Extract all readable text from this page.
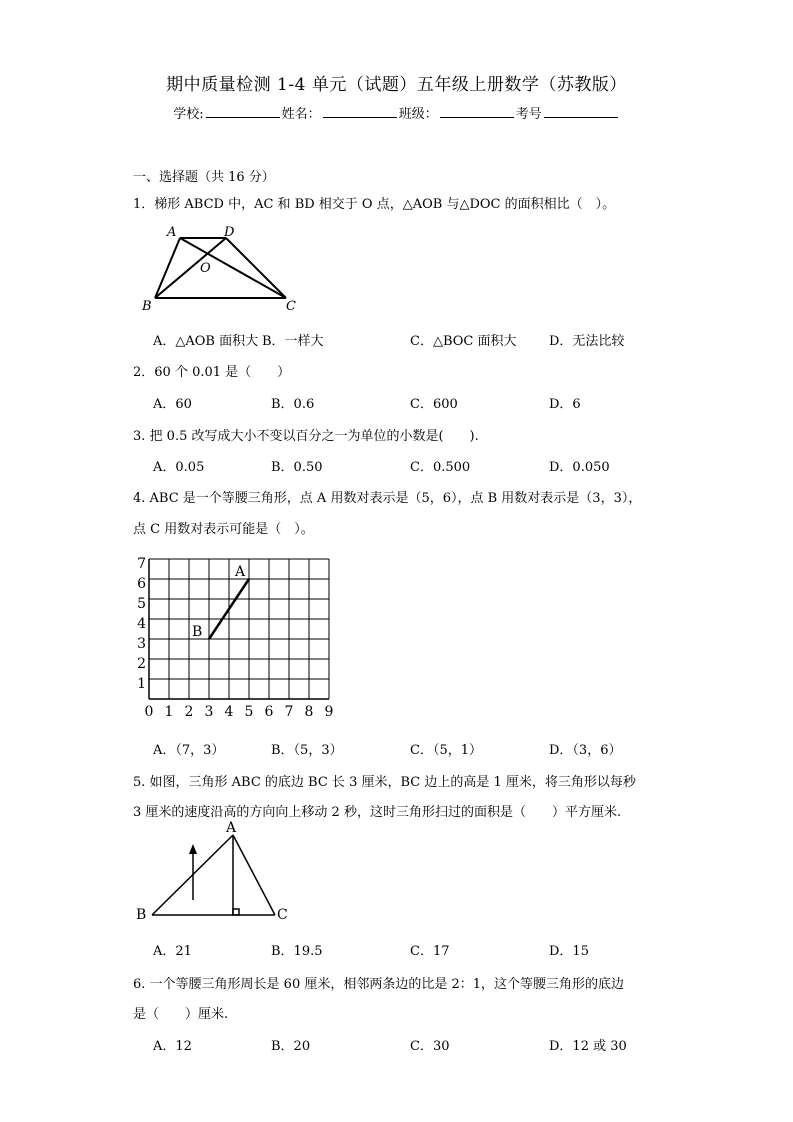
期中质量检测 1-4 单元（试题）五年级上册数学（苏教版）
学校:	姓名：	班级：	考号
一、选择题（共 16 分）
1．梯形 ABCD 中，AC 和 BD 相交于 O 点，△AOB 与△DOC 的面积相比（　）。
A	D
O
B	C
A．△AOB 面积大 B．一样大	C．△BOC 面积大	D．无法比较
2．60 个 0.01 是（　　）
A．60	B．0.6	C．600	D．6
3. 把 0.5 改写成大小不变以百分之一为单位的小数是(　　).
A．0.05	B．0.50	C．0.500	D．0.050
4. ABC 是一个等腰三角形，点 A 用数对表示是（5，6），点 B 用数对表示是（3，3），
点 C 用数对表示可能是（　）。
A
B
0 1 2 3 4 5 6 7 8 9
1
2
3
4
5
6
7
A．（7，3）	B．（5，3）	C．（5，1）	D．（3，6）
5. 如图，三角形 ABC 的底边 BC 长 3 厘米，BC 边上的高是 1 厘米，将三角形以每秒
3 厘米的速度沿高的方向向上移动 2 秒，这时三角形扫过的面积是（　　）平方厘米.
A
B	C
A．21	B．19.5	C．17	D．15
6. 一个等腰三角形周长是 60 厘米，相邻两条边的比是 2：1，这个等腰三角形的底边
是（　　）厘米.
A．12	B．20	C．30	D．12 或 30
